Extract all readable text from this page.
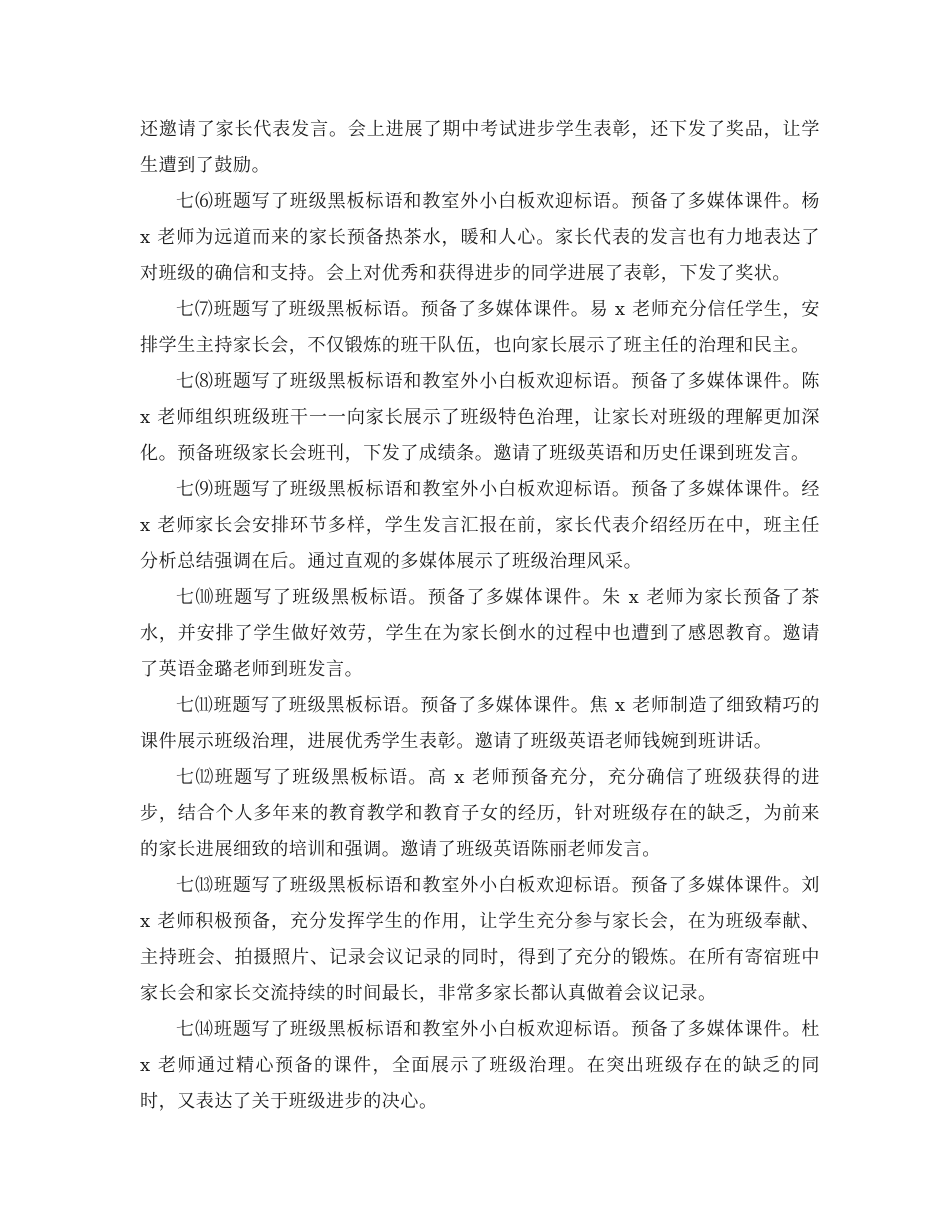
还邀请了家长代表发言。会上进展了期中考试进步学生表彰，还下发了奖品，让学生遭到了鼓励。

七⑹班题写了班级黑板标语和教室外小白板欢迎标语。预备了多媒体课件。杨 x 老师为远道而来的家长预备热茶水，暖和人心。家长代表的发言也有力地表达了对班级的确信和支持。会上对优秀和获得进步的同学进展了表彰，下发了奖状。

七⑺班题写了班级黑板标语。预备了多媒体课件。易 x 老师充分信任学生，安排学生主持家长会，不仅锻炼的班干队伍，也向家长展示了班主任的治理和民主。

七⑻班题写了班级黑板标语和教室外小白板欢迎标语。预备了多媒体课件。陈 x 老师组织班级班干一一向家长展示了班级特色治理，让家长对班级的理解更加深化。预备班级家长会班刊，下发了成绩条。邀请了班级英语和历史任课到班发言。

七⑼班题写了班级黑板标语和教室外小白板欢迎标语。预备了多媒体课件。经 x 老师家长会安排环节多样，学生发言汇报在前，家长代表介绍经历在中，班主任分析总结强调在后。通过直观的多媒体展示了班级治理风采。

七⑽班题写了班级黑板标语。预备了多媒体课件。朱 x 老师为家长预备了茶水，并安排了学生做好效劳，学生在为家长倒水的过程中也遭到了感恩教育。邀请了英语金璐老师到班发言。

七⑾班题写了班级黑板标语。预备了多媒体课件。焦 x 老师制造了细致精巧的课件展示班级治理，进展优秀学生表彰。邀请了班级英语老师钱婉到班讲话。

七⑿班题写了班级黑板标语。高 x 老师预备充分，充分确信了班级获得的进步，结合个人多年来的教育教学和教育子女的经历，针对班级存在的缺乏，为前来的家长进展细致的培训和强调。邀请了班级英语陈丽老师发言。

七⒀班题写了班级黑板标语和教室外小白板欢迎标语。预备了多媒体课件。刘 x 老师积极预备，充分发挥学生的作用，让学生充分参与家长会，在为班级奉献、主持班会、拍摄照片、记录会议记录的同时，得到了充分的锻炼。在所有寄宿班中家长会和家长交流持续的时间最长，非常多家长都认真做着会议记录。

七⒁班题写了班级黑板标语和教室外小白板欢迎标语。预备了多媒体课件。杜 x 老师通过精心预备的课件，全面展示了班级治理。在突出班级存在的缺乏的同时，又表达了关于班级进步的决心。
